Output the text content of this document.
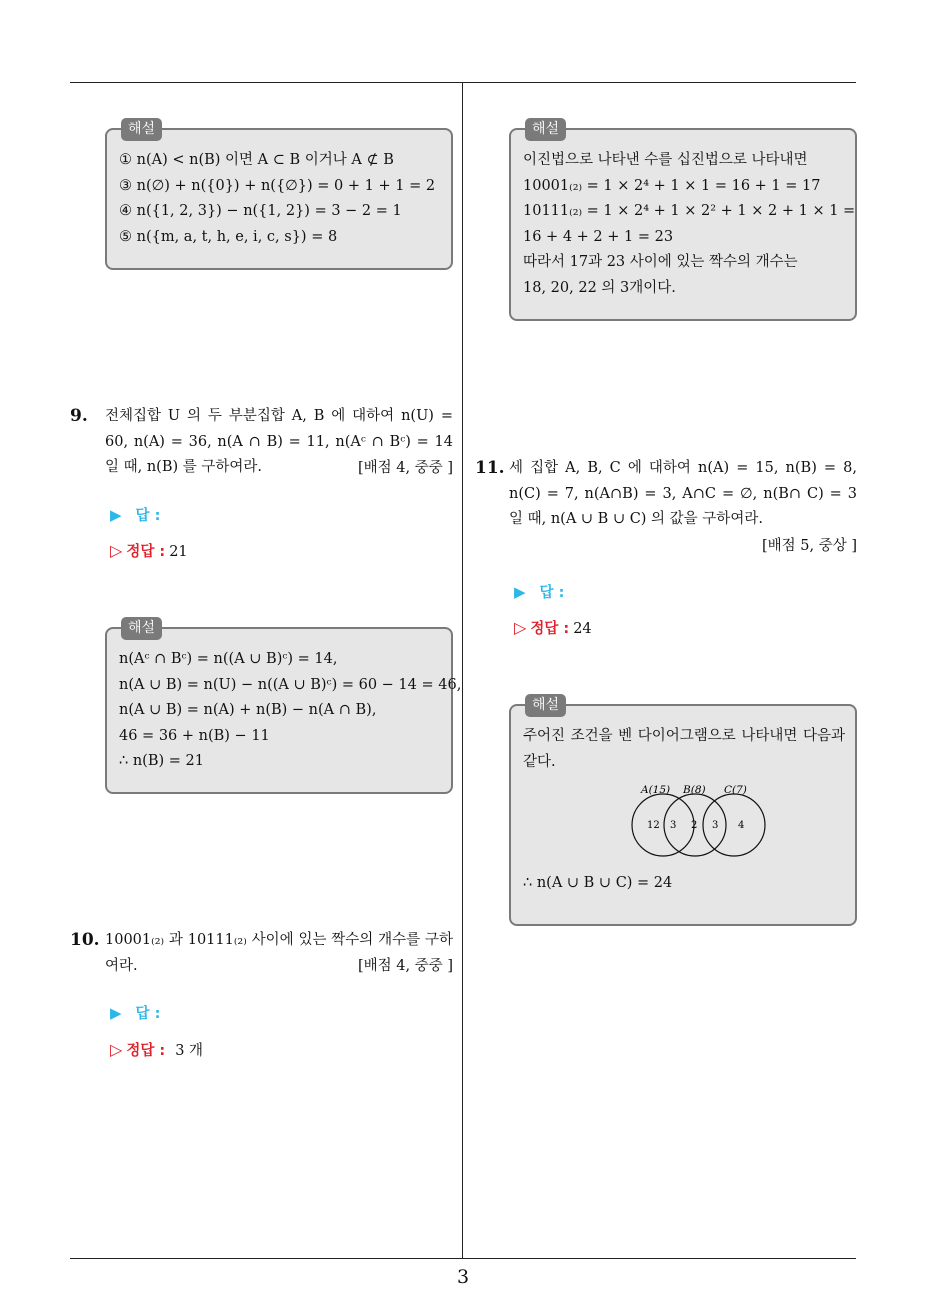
3
해설
① n(A) < n(B) 이면 A ⊂ B 이거나 A ⊄ B
③ n(∅) + n({0}) + n({∅}) = 0 + 1 + 1 = 2
④ n({1, 2, 3}) − n({1, 2}) = 3 − 2 = 1
⑤ n({m, a, t, h, e, i, c, s}) = 8
해설
이진법으로 나타낸 수를 십진법으로 나타내면
10001₍₂₎ = 1 × 2⁴ + 1 × 1 = 16 + 1 = 17
10111₍₂₎ = 1 × 2⁴ + 1 × 2² + 1 × 2 + 1 × 1 =
16 + 4 + 2 + 1 = 23
따라서 17과 23 사이에 있는 짝수의 개수는
18, 20, 22 의 3개이다.
9. 전체집합 U 의 두 부분집합 A, B 에 대하여 n(U) = 60, n(A) = 36, n(A ∩ B) = 11, n(Aᶜ ∩ Bᶜ) = 14 일 때, n(B) 를 구하여라.	[배점 4, 중중 ]
▶ 답 :
▷ 정답 : 21
해설
n(Aᶜ ∩ Bᶜ) = n((A ∪ B)ᶜ) = 14,
n(A ∪ B) = n(U) − n((A ∪ B)ᶜ) = 60 − 14 = 46,
n(A ∪ B) = n(A) + n(B) − n(A ∩ B),
46 = 36 + n(B) − 11
∴ n(B) = 21
10. 10001₍₂₎ 과 10111₍₂₎ 사이에 있는 짝수의 개수를 구하여라.	[배점 4, 중중 ]
▶ 답 :
▷ 정답 : 3 개
11. 세 집합 A, B, C 에 대하여 n(A) = 15, n(B) = 8, n(C) = 7, n(A∩B) = 3, A∩C = ∅, n(B∩ C) = 3 일 때, n(A ∪ B ∪ C) 의 값을 구하여라.
[배점 5, 중상 ]
▶ 답 :
▷ 정답 : 24
해설
주어진 조건을 벤 다이어그램으로 나타내면 다음과 같다.
A(15) B(8) C(7)
12 3 2 3 4
∴ n(A ∪ B ∪ C) = 24
